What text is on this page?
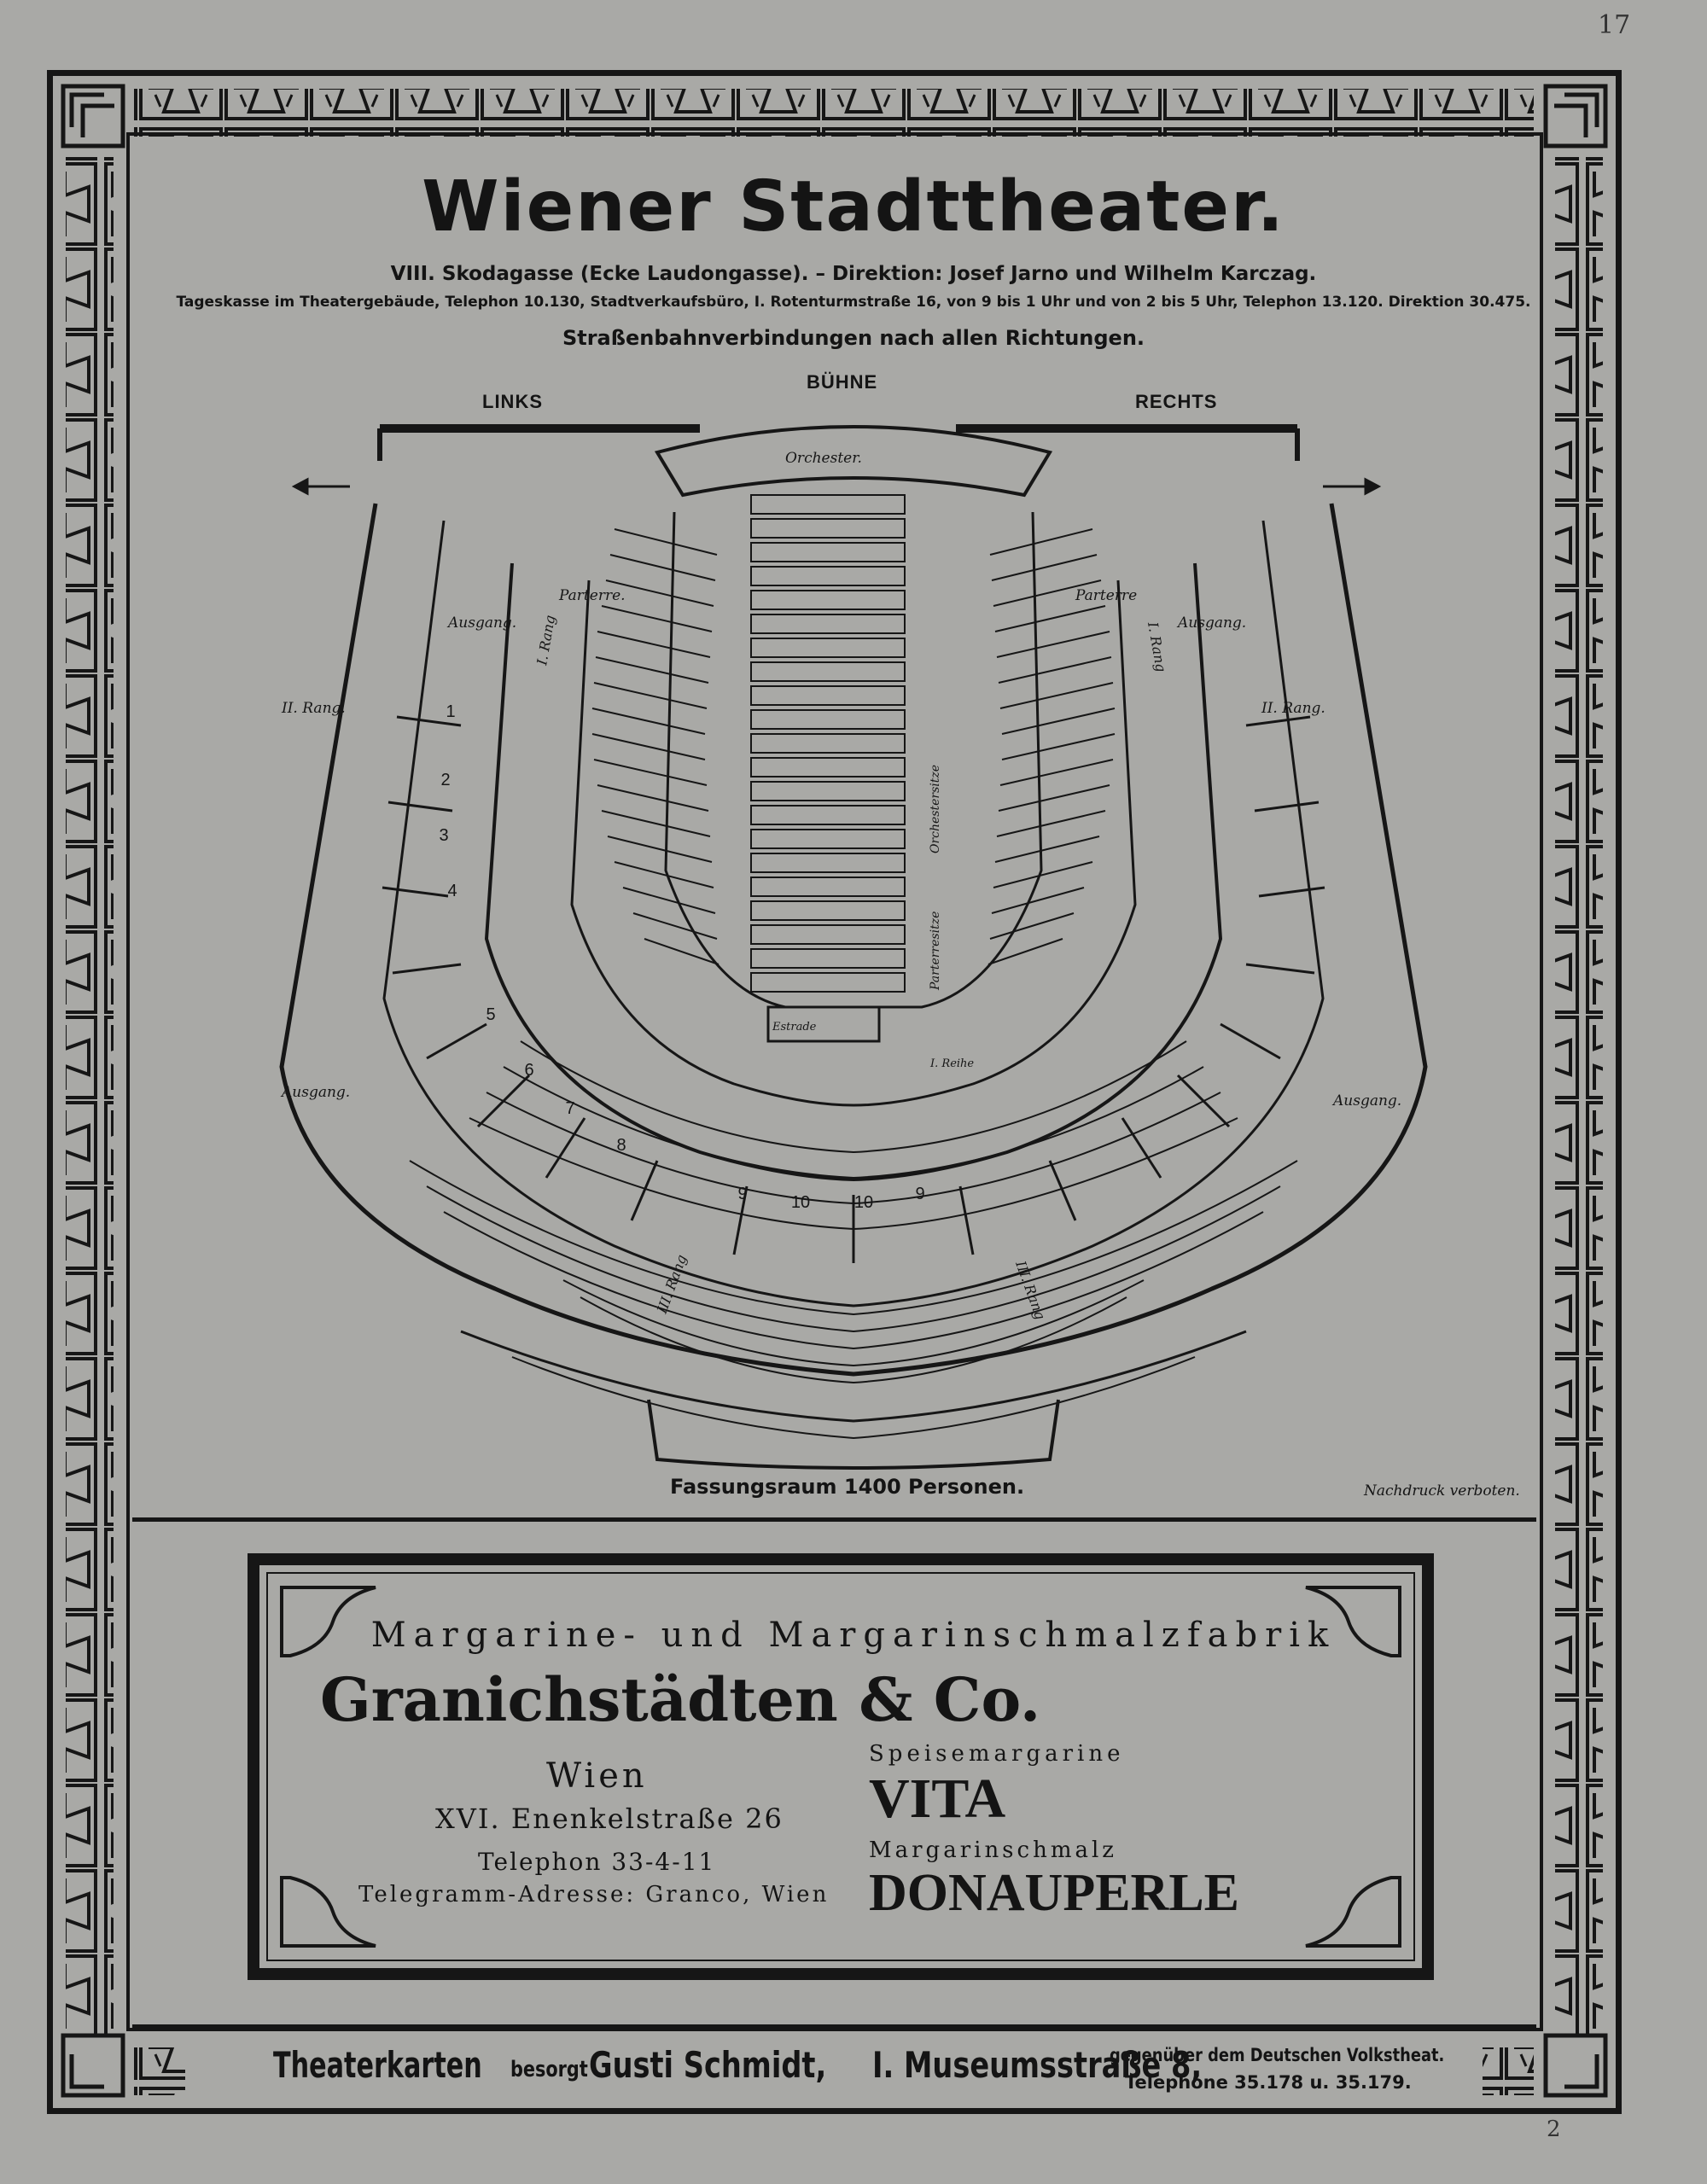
17
Wiener Stadttheater.
VIII. Skodagasse (Ecke Laudongasse). – Direktion: Josef Jarno und Wilhelm Karczag.
Tageskasse im Theatergebäude, Telephon 10.130, Stadtverkaufsbüro, I. Rotenturmstraße 16, von 9 bis 1 Uhr und von 2 bis 5 Uhr, Telephon 13.120. Direktion 30.475.
Straßenbahnverbindungen nach allen Richtungen.
BÜHNE
LINKS	RECHTS
Orchester.
Parterre.	Parterre
II. Rang.	II. Rang.
Ausgang.	Ausgang.
Ausgang.	Ausgang.
Estrade
I. Reihe
Orchestersitze
Parterresitze
I. Rang	I. Rang
III. Rang	III. Rang
1
2
3
4
5
6
7
8
9	10	10 9
Fassungsraum 1400 Personen.	Nachdruck verboten.
Margarine- und Margarinschmalzfabrik
Granichstädten & Co.
Wien
XVI. Enenkelstraße 26
Telephon 33-4-11
Telegramm-Adresse: Granco, Wien
Speisemargarine
VITA
Margarinschmalz
DONAUPERLE
Theaterkarten besorgt Gusti Schmidt, I. Museumsstraße 8,
gegenüber dem Deutschen Volkstheat.
Telephone 35.178 u. 35.179.
2
